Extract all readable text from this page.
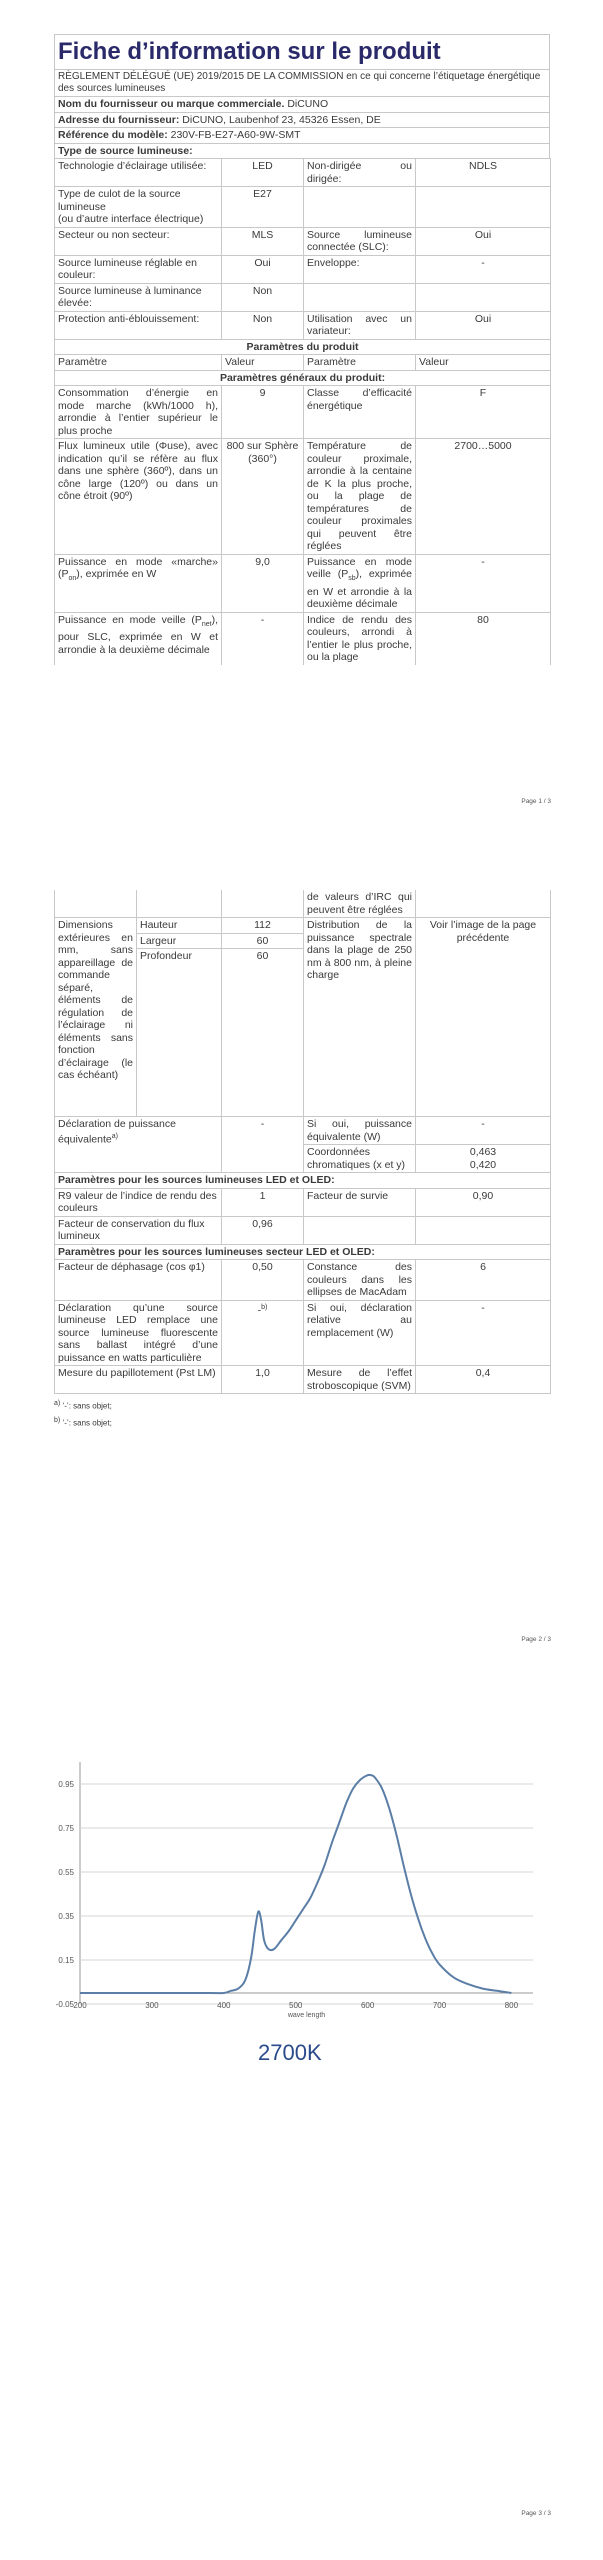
Fiche d’information sur le produit
RÈGLEMENT DÉLÉGUÉ (UE) 2019/2015 DE LA COMMISSION en ce qui concerne l’étiquetage énergétique des sources lumineuses
Nom du fournisseur ou marque commerciale. DiCUNO
Adresse du fournisseur: DiCUNO, Laubenhof 23, 45326 Essen, DE
Référence du modèle: 230V-FB-E27-A60-9W-SMT
Type de source lumineuse:
Technologie d’éclairage utilisée:	LED	Non-dirigée ou dirigée:	NDLS
Type de culot de la source lumineuse
(ou d’autre interface électrique)	E27		
Secteur ou non secteur:	MLS	Source lumineuse connectée (SLC):	Oui
Source lumineuse réglable en couleur:	Oui	Enveloppe:	-
Source lumineuse à luminance élevée:	Non		
Protection anti-éblouissement:	Non	Utilisation avec un variateur:	Oui
Paramètres du produit			
Paramètre	Valeur	Paramètre	Valeur
Paramètres généraux du produit:			
Consommation d’énergie en mode marche (kWh/1000 h), arrondie à l’entier supérieur le plus proche	9	Classe d’efficacité énergétique	F
Flux lumineux utile (Φuse), avec indication qu’il se réfère au flux dans une sphère (360º), dans un cône large (120º) ou dans un cône étroit (90º)	800 sur Sphère (360°)	Température de couleur proximale, arrondie à la centaine de K la plus proche, ou la plage de températures de couleur proximales qui peuvent être réglées	2700…5000
Puissance en mode «marche» $(P_{on})$, exprimée en W	9,0	Puissance en mode veille $(P_{sb})$, exprimée en W et arrondie à la deuxième décimale	-
Puissance en mode veille $(P_{net})$, pour SLC, exprimée en W et arrondie à la deuxième décimale	-	Indice de rendu des couleurs, arrondi à l’entier le plus proche, ou la plage	80
Page 1 / 3
			de valeurs d’IRC qui peuvent être réglées	
Dimensions extérieures en mm, sans appareillage de commande séparé, éléments de régulation de l’éclairage ni éléments sans fonction d’éclairage (le cas échéant)	Hauteur	112	Distribution de la puissance spectrale dans la plage de 250 nm à 800 nm, à pleine charge	Voir l’image de la page précédente
	Largeur	60		
	Profondeur	60		
Déclaration de puissance équivalente$^{a)}$		-	Si oui, puissance équivalente (W)	-
			Coordonnées chromatiques (x et y)	0,463
0,420
Paramètres pour les sources lumineuses LED et OLED:			
R9 valeur de l’indice de rendu des couleurs	1	Facteur de survie	0,90
Facteur de conservation du flux lumineux	0,96		
Paramètres pour les sources lumineuses secteur LED et OLED:			
Facteur de déphasage (cos φ1)	0,50	Constance des couleurs dans les ellipses de MacAdam	6
Déclaration qu’une source lumineuse LED remplace une source lumineuse fluorescente sans ballast intégré d’une puissance en watts particulière	-$^{b)}$	Si oui, déclaration relative au remplacement (W)	-
Mesure du papillotement (Pst LM)	1,0	Mesure de l’effet stroboscopique (SVM)	0,4
$^{a)}$ ‘-’: sans objet;
$^{b)}$ ‘-’: sans objet;
Page 2 / 3
-0.05
0.15
0.35
0.55
0.75
0.95
200	300	400	500	600	700	800
wave length
2700K
Page 3 / 3
